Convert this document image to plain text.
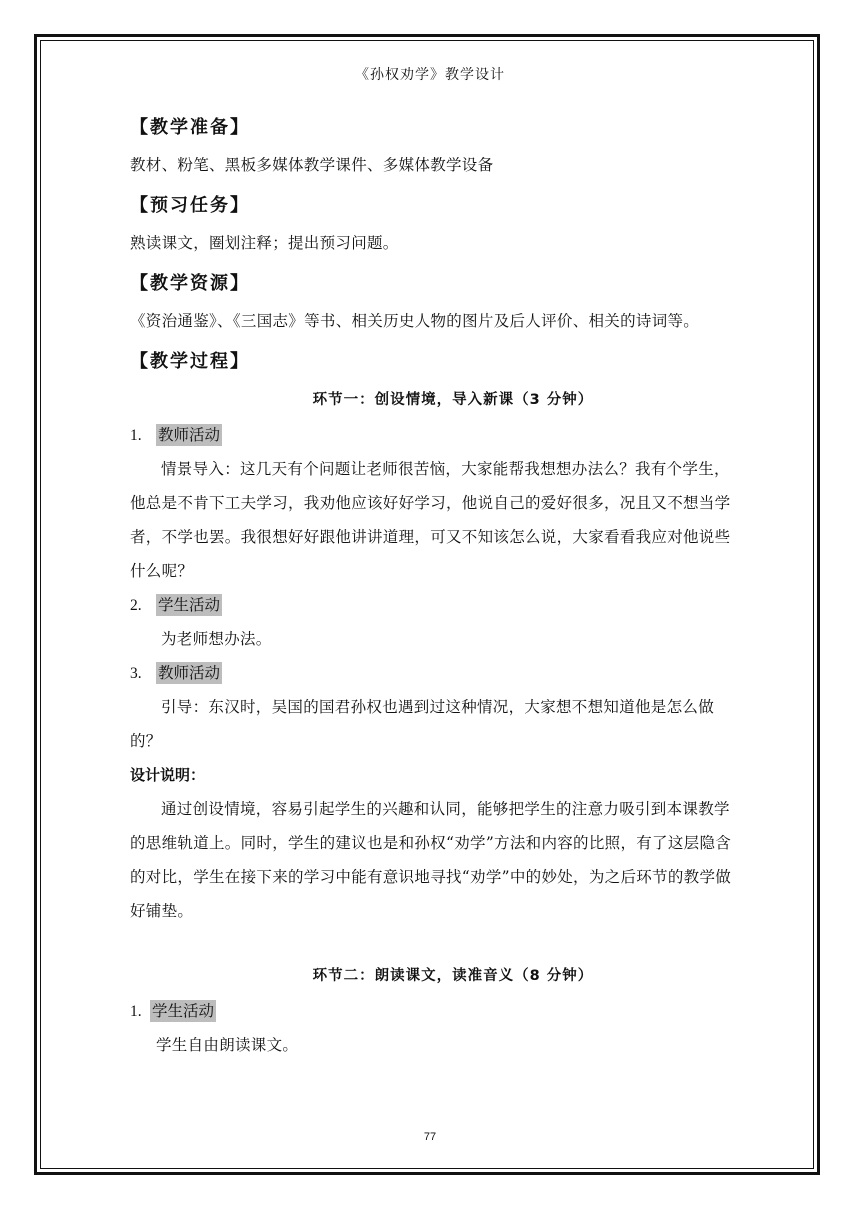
《孙权劝学》教学设计
【教学准备】

教材、粉笔、黑板多媒体教学课件、多媒体教学设备

【预习任务】

熟读课文，圈划注释；提出预习问题。

【教学资源】

《资治通鉴》、《三国志》等书、相关历史人物的图片及后人评价、相关的诗词等。

【教学过程】
环节一：创设情境，导入新课（3 分钟）
1. 教师活动

情景导入：这几天有个问题让老师很苦恼，大家能帮我想想办法么？我有个学生，他总是不肯下工夫学习，我劝他应该好好学习，他说自己的爱好很多，况且又不想当学者，不学也罢。我很想好好跟他讲讲道理，可又不知该怎么说，大家看看我应对他说些什么呢？

2. 学生活动

为老师想办法。

3. 教师活动

引导：东汉时，吴国的国君孙权也遇到过这种情况，大家想不想知道他是怎么做的？

设计说明：

通过创设情境，容易引起学生的兴趣和认同，能够把学生的注意力吸引到本课教学的思维轨道上。同时，学生的建议也是和孙权“劝学”方法和内容的比照，有了这层隐含的对比，学生在接下来的学习中能有意识地寻找“劝学”中的妙处，为之后环节的教学做好铺垫。

环节二：朗读课文，读准音义（8 分钟）
1. 学生活动

学生自由朗读课文。

77
